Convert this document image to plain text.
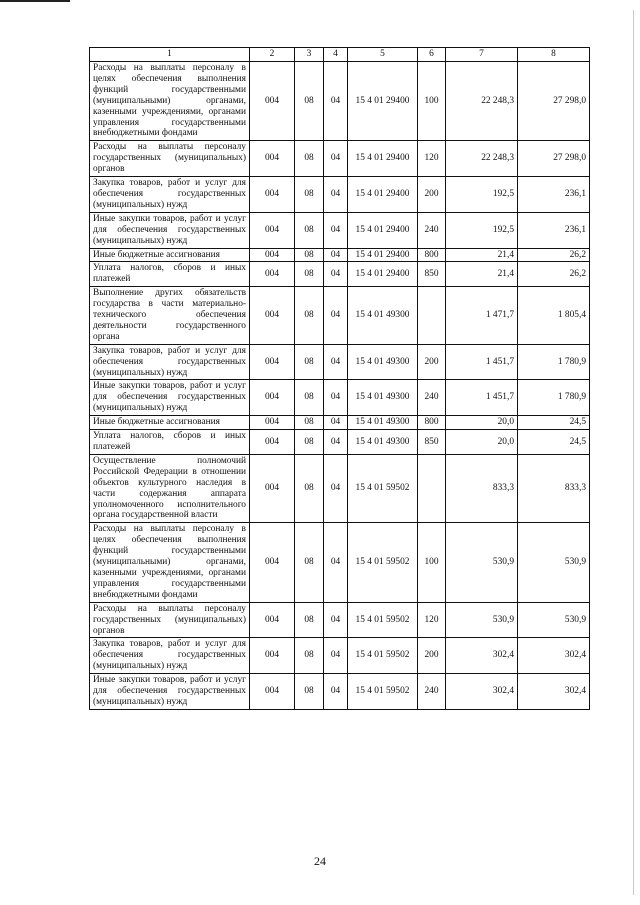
1	2	3	4	5	6	7	8
Расходы на выплаты персоналу в целях обеспечения выполнения функций государственными (муниципальными) органами, казенными учреждениями, органами управления государственными внебюджетными фондами	004	08	04	15 4 01 29400	100	22 248,3	27 298,0
Расходы на выплаты персоналу государственных (муниципальных) органов	004	08	04	15 4 01 29400	120	22 248,3	27 298,0
Закупка товаров, работ и услуг для обеспечения государственных (муниципальных) нужд	004	08	04	15 4 01 29400	200	192,5	236,1
Иные закупки товаров, работ и услуг для обеспечения государственных (муниципальных) нужд	004	08	04	15 4 01 29400	240	192,5	236,1
Иные бюджетные ассигнования	004	08	04	15 4 01 29400	800	21,4	26,2
Уплата налогов, сборов и иных платежей	004	08	04	15 4 01 29400	850	21,4	26,2
Выполнение других обязательств государства в части материально-технического обеспечения деятельности государственного органа	004	08	04	15 4 01 49300		1 471,7	1 805,4
Закупка товаров, работ и услуг для обеспечения государственных (муниципальных) нужд	004	08	04	15 4 01 49300	200	1 451,7	1 780,9
Иные закупки товаров, работ и услуг для обеспечения государственных (муниципальных) нужд	004	08	04	15 4 01 49300	240	1 451,7	1 780,9
Иные бюджетные ассигнования	004	08	04	15 4 01 49300	800	20,0	24,5
Уплата налогов, сборов и иных платежей	004	08	04	15 4 01 49300	850	20,0	24,5
Осуществление полномочий Российской Федерации в отношении объектов культурного наследия в части содержания аппарата уполномоченного исполнительного органа государственной власти	004	08	04	15 4 01 59502		833,3	833,3
Расходы на выплаты персоналу в целях обеспечения выполнения функций государственными (муниципальными) органами, казенными учреждениями, органами управления государственными внебюджетными фондами	004	08	04	15 4 01 59502	100	530,9	530,9
Расходы на выплаты персоналу государственных (муниципальных) органов	004	08	04	15 4 01 59502	120	530,9	530,9
Закупка товаров, работ и услуг для обеспечения государственных (муниципальных) нужд	004	08	04	15 4 01 59502	200	302,4	302,4
Иные закупки товаров, работ и услуг для обеспечения государственных (муниципальных) нужд	004	08	04	15 4 01 59502	240	302,4	302,4
24
